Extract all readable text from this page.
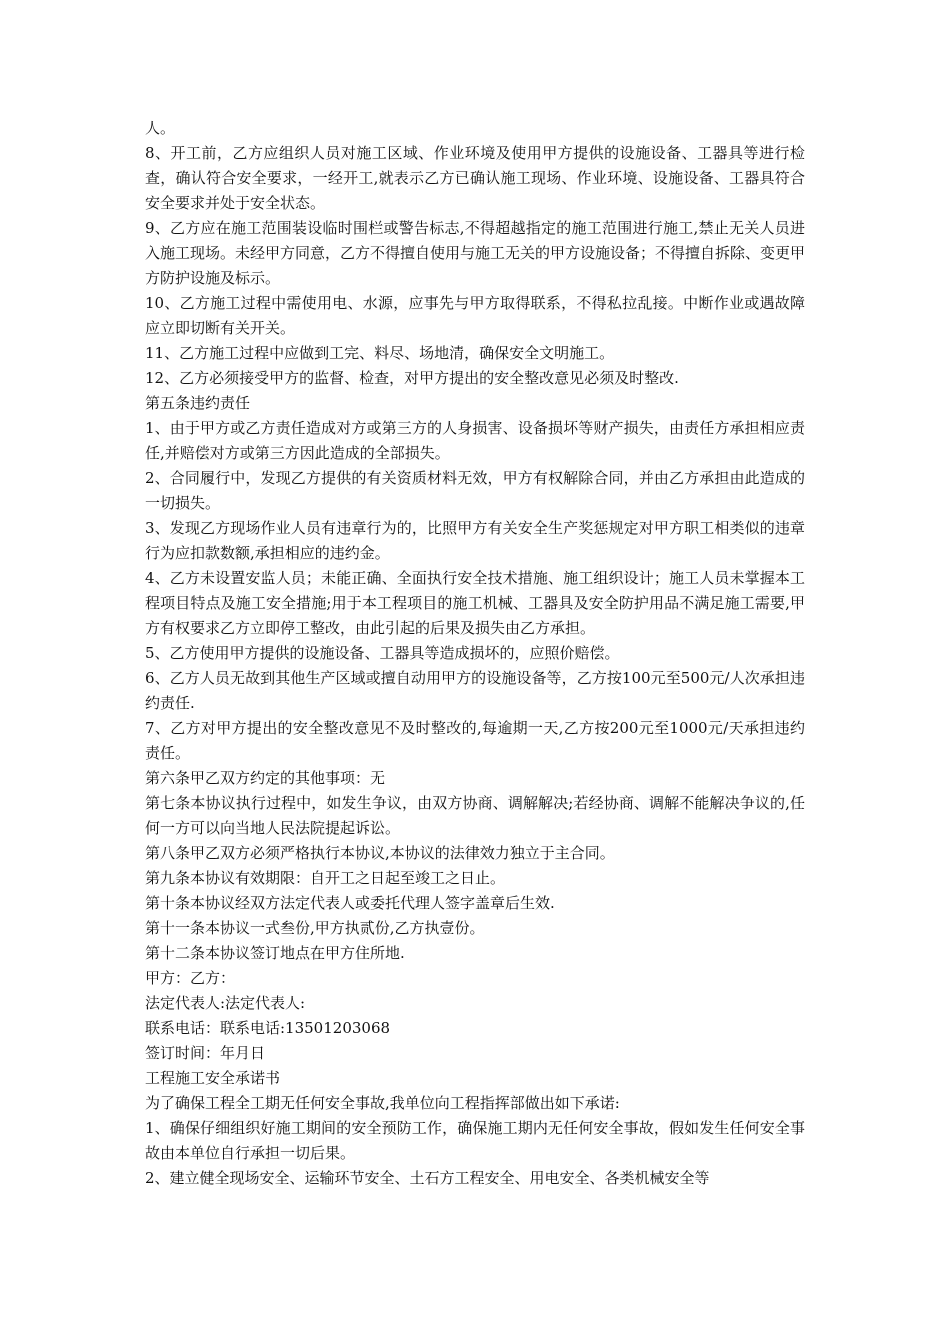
人。

8、开工前，乙方应组织人员对施工区域、作业环境及使用甲方提供的设施设备、工器具等进行检查，确认符合安全要求，一经开工,就表示乙方已确认施工现场、作业环境、设施设备、工器具符合安全要求并处于安全状态。

9、乙方应在施工范围装设临时围栏或警告标志,不得超越指定的施工范围进行施工,禁止无关人员进入施工现场。未经甲方同意，乙方不得擅自使用与施工无关的甲方设施设备；不得擅自拆除、变更甲方防护设施及标示。

10、乙方施工过程中需使用电、水源，应事先与甲方取得联系，不得私拉乱接。中断作业或遇故障应立即切断有关开关。

11、乙方施工过程中应做到工完、料尽、场地清，确保安全文明施工。

12、乙方必须接受甲方的监督、检查，对甲方提出的安全整改意见必须及时整改.

第五条违约责任

1、由于甲方或乙方责任造成对方或第三方的人身损害、设备损坏等财产损失，由责任方承担相应责任,并赔偿对方或第三方因此造成的全部损失。

2、合同履行中，发现乙方提供的有关资质材料无效，甲方有权解除合同，并由乙方承担由此造成的一切损失。

3、发现乙方现场作业人员有违章行为的，比照甲方有关安全生产奖惩规定对甲方职工相类似的违章行为应扣款数额,承担相应的违约金。

4、乙方未设置安监人员；未能正确、全面执行安全技术措施、施工组织设计；施工人员未掌握本工程项目特点及施工安全措施;用于本工程项目的施工机械、工器具及安全防护用品不满足施工需要,甲方有权要求乙方立即停工整改，由此引起的后果及损失由乙方承担。

5、乙方使用甲方提供的设施设备、工器具等造成损坏的，应照价赔偿。

6、乙方人员无故到其他生产区域或擅自动用甲方的设施设备等，乙方按100元至500元/人次承担违约责任.

7、乙方对甲方提出的安全整改意见不及时整改的,每逾期一天,乙方按200元至1000元/天承担违约责任。

第六条甲乙双方约定的其他事项：无

第七条本协议执行过程中，如发生争议，由双方协商、调解解决;若经协商、调解不能解决争议的,任何一方可以向当地人民法院提起诉讼。

第八条甲乙双方必须严格执行本协议,本协议的法律效力独立于主合同。

第九条本协议有效期限：自开工之日起至竣工之日止。

第十条本协议经双方法定代表人或委托代理人签字盖章后生效.

第十一条本协议一式叁份,甲方执贰份,乙方执壹份。

第十二条本协议签订地点在甲方住所地.

甲方：乙方：

法定代表人:法定代表人:

联系电话：联系电话:13501203068

签订时间：年月日

工程施工安全承诺书

为了确保工程全工期无任何安全事故,我单位向工程指挥部做出如下承诺:

1、确保仔细组织好施工期间的安全预防工作，确保施工期内无任何安全事故，假如发生任何安全事故由本单位自行承担一切后果。

2、建立健全现场安全、运输环节安全、土石方工程安全、用电安全、各类机械安全等
